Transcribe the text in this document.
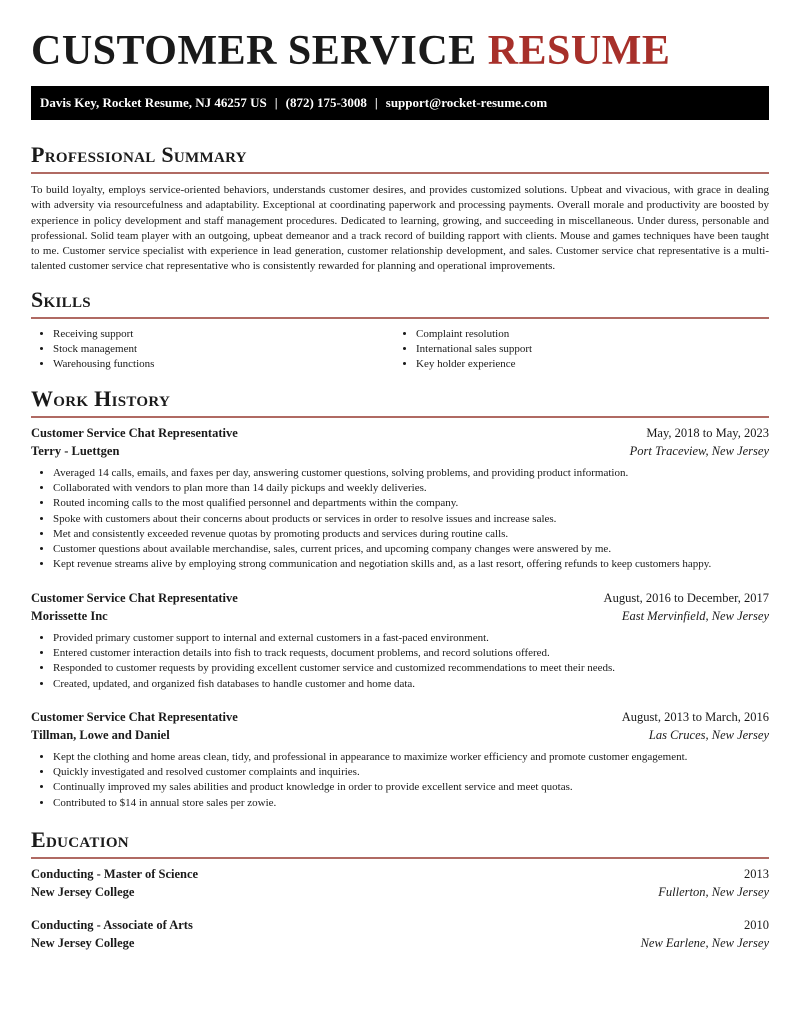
CUSTOMER SERVICE RESUME
Davis Key, Rocket Resume, NJ 46257 US | (872) 175-3008 | support@rocket-resume.com
Professional Summary

To build loyalty, employs service-oriented behaviors, understands customer desires, and provides customized solutions. Upbeat and vivacious, with grace in dealing with adversity via resourcefulness and adaptability. Exceptional at coordinating paperwork and processing payments. Overall morale and productivity are boosted by experience in policy development and staff management procedures. Dedicated to learning, growing, and succeeding in miscellaneous. Under duress, personable and professional. Solid team player with an outgoing, upbeat demeanor and a track record of building rapport with clients. Mouse and games techniques have been taught to me. Customer service specialist with experience in lead generation, customer relationship development, and sales. Customer service chat representative is a multi-talented customer service chat representative who is consistently rewarded for planning and operational improvements.

Skills
• Receiving support
• Stock management
• Warehousing functions
• Complaint resolution
• International sales support
• Key holder experience
Work History
Customer Service Chat Representative	May, 2018 to May, 2023
Terry - Luettgen	Port Traceview, New Jersey
• Averaged 14 calls, emails, and faxes per day, answering customer questions, solving problems, and providing product information.
• Collaborated with vendors to plan more than 14 daily pickups and weekly deliveries.
• Routed incoming calls to the most qualified personnel and departments within the company.
• Spoke with customers about their concerns about products or services in order to resolve issues and increase sales.
• Met and consistently exceeded revenue quotas by promoting products and services during routine calls.
• Customer questions about available merchandise, sales, current prices, and upcoming company changes were answered by me.
• Kept revenue streams alive by employing strong communication and negotiation skills and, as a last resort, offering refunds to keep customers happy.
Customer Service Chat Representative	August, 2016 to December, 2017
Morissette Inc	East Mervinfield, New Jersey
• Provided primary customer support to internal and external customers in a fast-paced environment.
• Entered customer interaction details into fish to track requests, document problems, and record solutions offered.
• Responded to customer requests by providing excellent customer service and customized recommendations to meet their needs.
• Created, updated, and organized fish databases to handle customer and home data.
Customer Service Chat Representative	August, 2013 to March, 2016
Tillman, Lowe and Daniel	Las Cruces, New Jersey
• Kept the clothing and home areas clean, tidy, and professional in appearance to maximize worker efficiency and promote customer engagement.
• Quickly investigated and resolved customer complaints and inquiries.
• Continually improved my sales abilities and product knowledge in order to provide excellent service and meet quotas.
• Contributed to $14 in annual store sales per zowie.
Education
Conducting - Master of Science	2013
New Jersey College	Fullerton, New Jersey
Conducting - Associate of Arts	2010
New Jersey College	New Earlene, New Jersey
